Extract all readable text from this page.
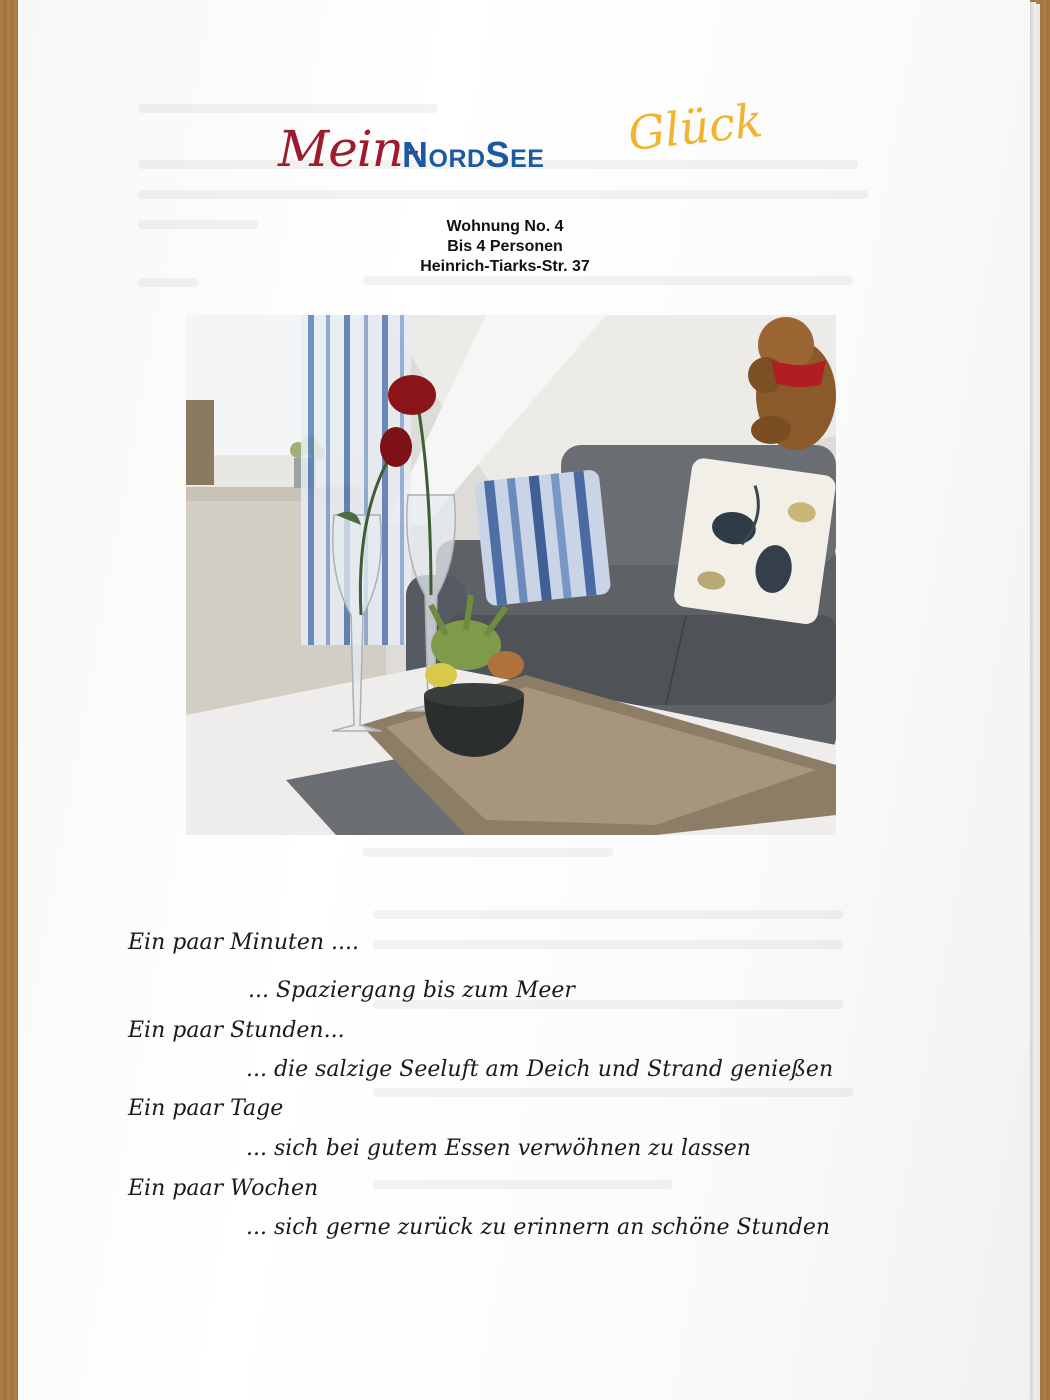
Mein-
NordSee Glück
Wohnung No. 4
Bis 4 Personen
Heinrich-Tiarks-Str. 37
Ein paar Minuten ....
... Spaziergang bis zum Meer
Ein paar Stunden...
... die salzige Seeluft am Deich und Strand genießen
Ein paar Tage
... sich bei gutem Essen verwöhnen zu lassen
Ein paar Wochen
... sich gerne zurück zu erinnern an schöne Stunden
